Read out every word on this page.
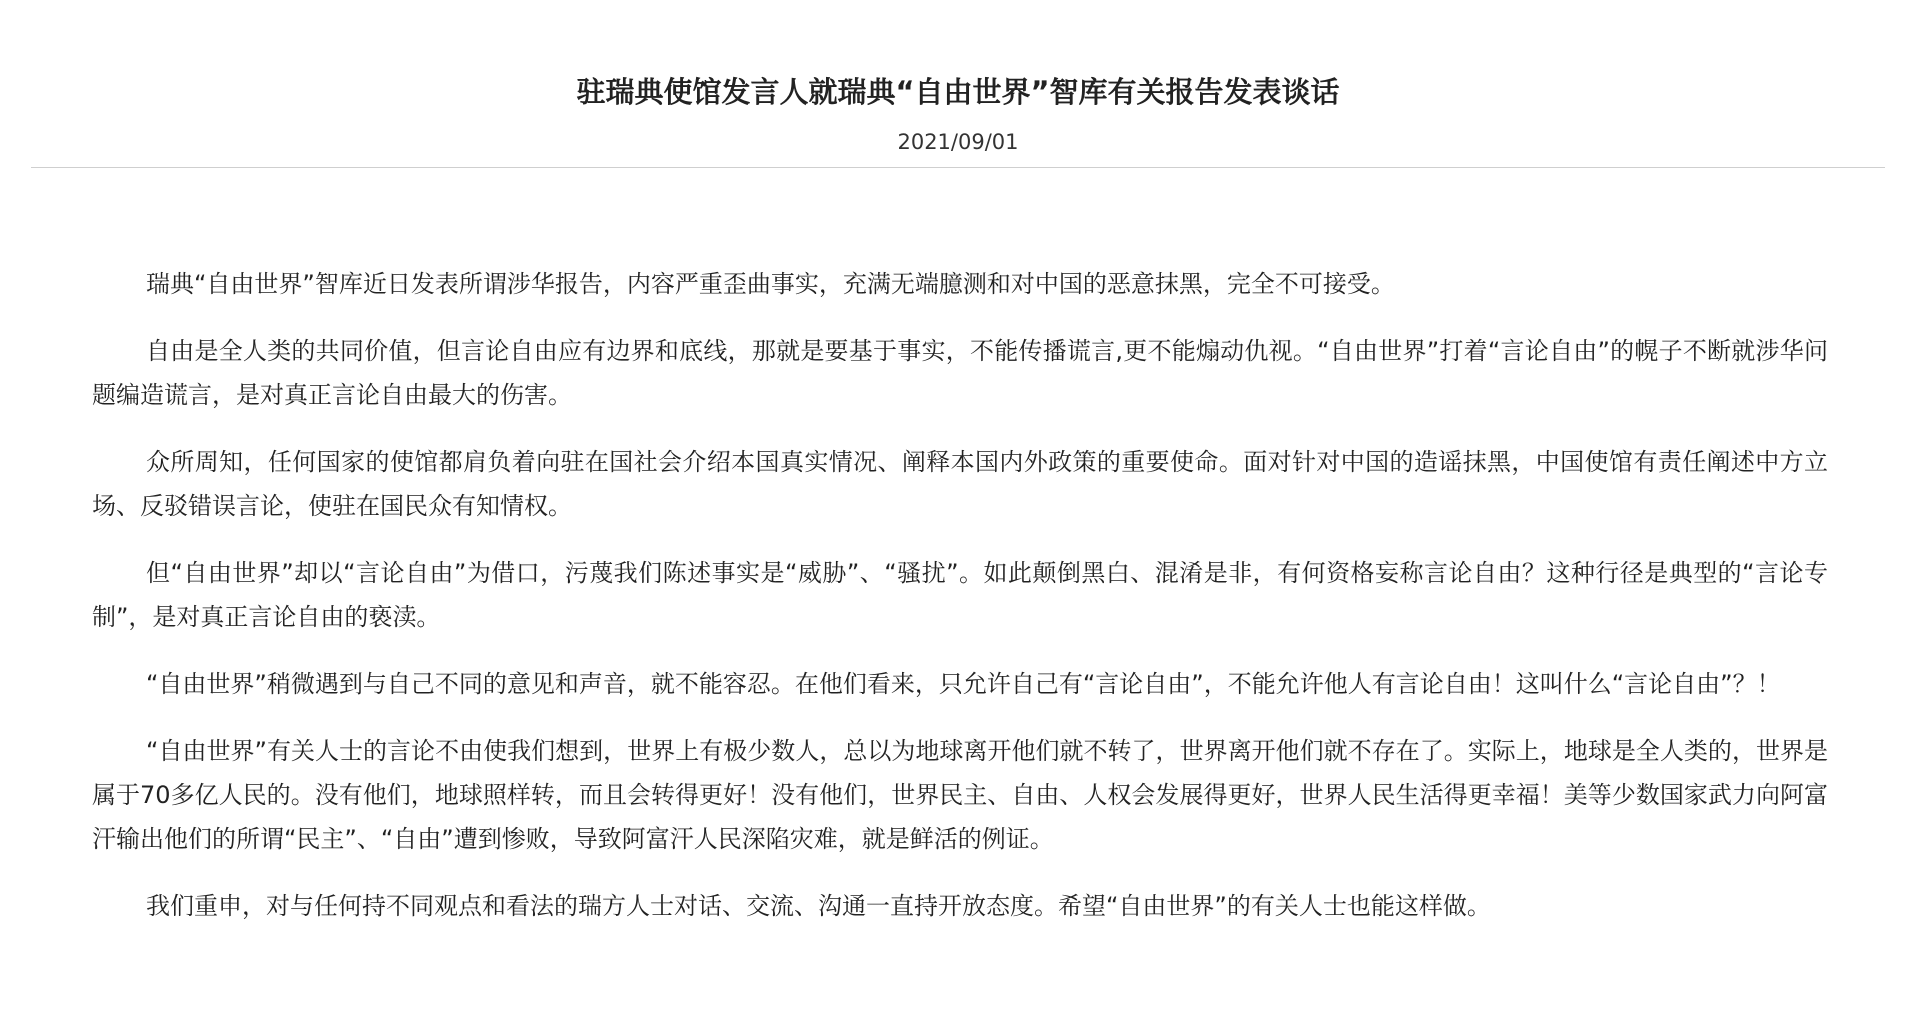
驻瑞典使馆发言人就瑞典“自由世界”智库有关报告发表谈话
2021/09/01

瑞典“自由世界”智库近日发表所谓涉华报告，内容严重歪曲事实，充满无端臆测和对中国的恶意抹黑，完全不可接受。

自由是全人类的共同价值，但言论自由应有边界和底线，那就是要基于事实，不能传播谎言,更不能煽动仇视。“自由世界”打着“言论自由”的幌子不断就涉华问题编造谎言，是对真正言论自由最大的伤害。

众所周知，任何国家的使馆都肩负着向驻在国社会介绍本国真实情况、阐释本国内外政策的重要使命。面对针对中国的造谣抹黑，中国使馆有责任阐述中方立场、反驳错误言论，使驻在国民众有知情权。

但“自由世界”却以“言论自由”为借口，污蔑我们陈述事实是“威胁”、“骚扰”。如此颠倒黑白、混淆是非，有何资格妄称言论自由？这种行径是典型的“言论专制”，是对真正言论自由的亵渎。

“自由世界”稍微遇到与自己不同的意见和声音，就不能容忍。在他们看来，只允许自己有“言论自由”，不能允许他人有言论自由！这叫什么“言论自由”？！

“自由世界”有关人士的言论不由使我们想到，世界上有极少数人，总以为地球离开他们就不转了，世界离开他们就不存在了。实际上，地球是全人类的，世界是属于70多亿人民的。没有他们，地球照样转，而且会转得更好！没有他们，世界民主、自由、人权会发展得更好，世界人民生活得更幸福！美等少数国家武力向阿富汗输出他们的所谓“民主”、“自由”遭到惨败，导致阿富汗人民深陷灾难，就是鲜活的例证。

我们重申，对与任何持不同观点和看法的瑞方人士对话、交流、沟通一直持开放态度。希望“自由世界”的有关人士也能这样做。
